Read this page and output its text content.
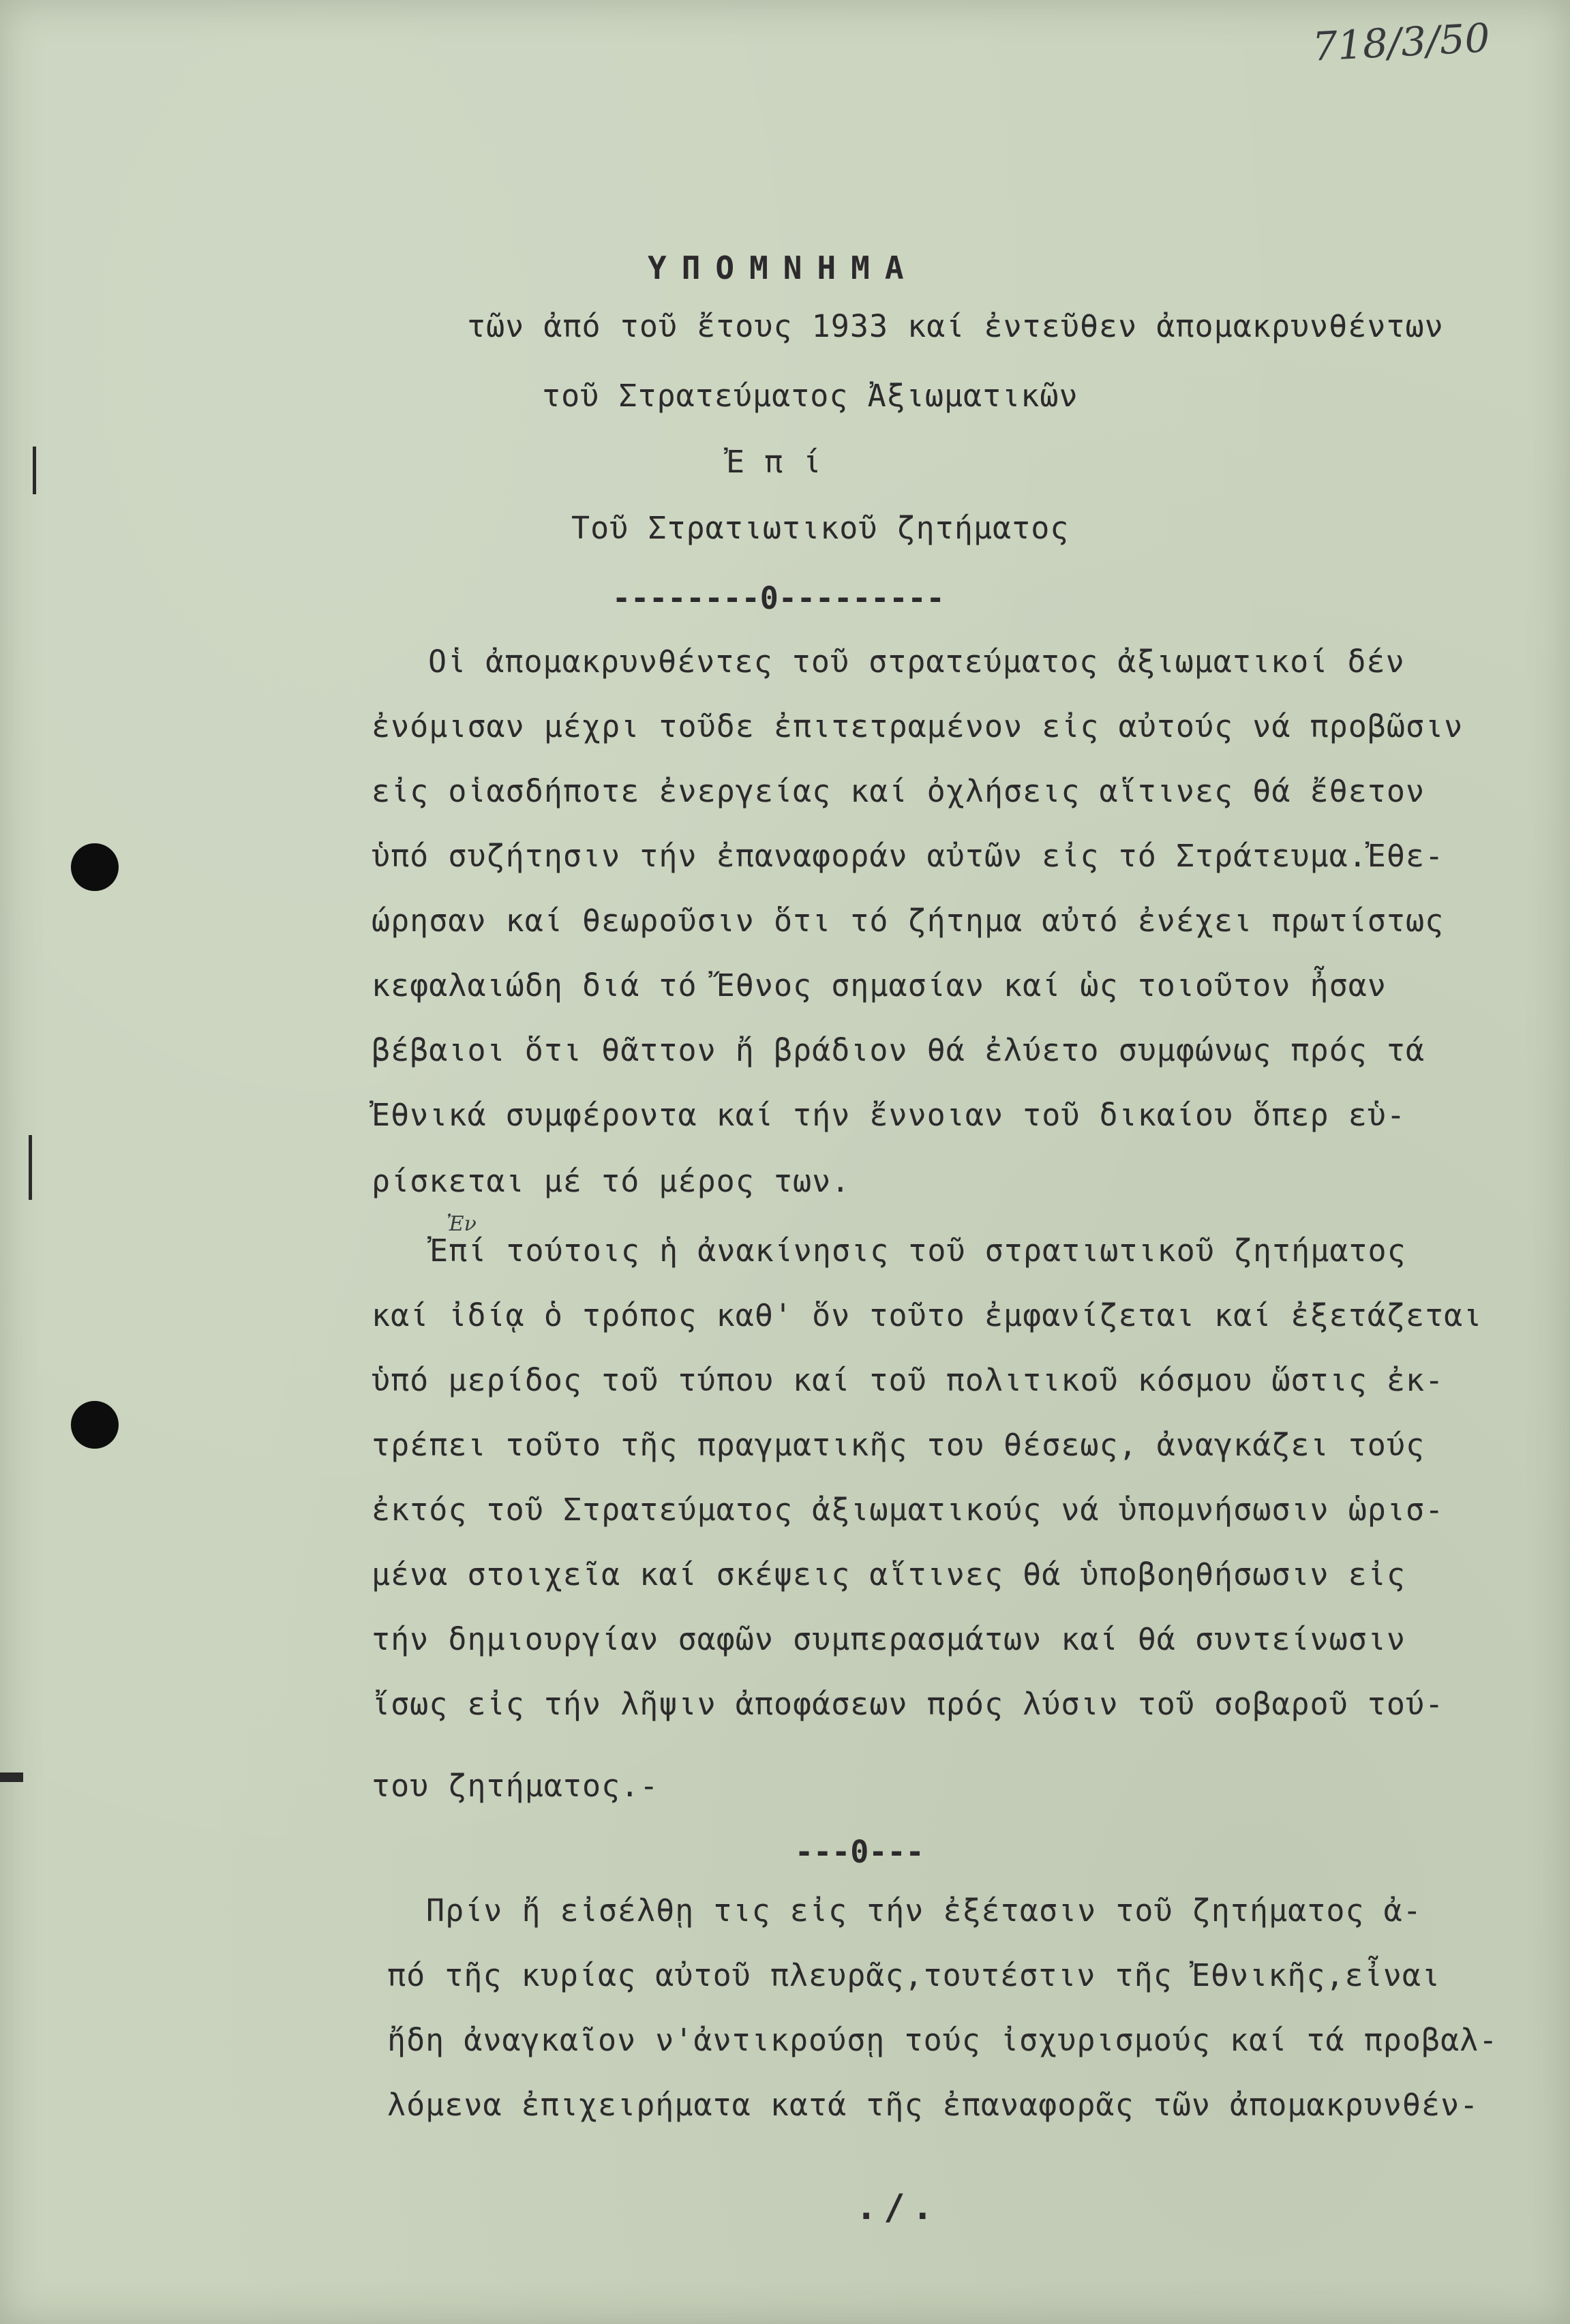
718/3/50
ΥΠΟΜΝΗΜΑ
τῶν ἀπό τοῦ ἔτους 1933 καί ἐντεῦθεν ἀπομακρυνθέντων
τοῦ Στρατεύματος Ἀξιωματικῶν
Ἐ π ί
Τοῦ Στρατιωτικοῦ ζητήματος
--------0---------
Οἱ ἀπομακρυνθέντες τοῦ στρατεύματος ἀξιωματικοί δέν
ἐνόμισαν μέχρι τοῦδε ἐπιτετραμένον εἰς αὐτούς νά προβῶσιν
εἰς οἱασδήποτε ἐνεργείας καί ὀχλήσεις αἵτινες θά ἔθετον
ὑπό συζήτησιν τήν ἐπαναφοράν αὐτῶν εἰς τό Στράτευμα.Ἐθε-
ώρησαν καί θεωροῦσιν ὅτι τό ζήτημα αὐτό ἐνέχει πρωτίστως
κεφαλαιώδη διά τό Ἔθνος σημασίαν καί ὡς τοιοῦτον ἦσαν
βέβαιοι ὅτι θᾶττον ἤ βράδιον θά ἐλύετο συμφώνως πρός τά
Ἐθνικά συμφέροντα καί τήν ἔννοιαν τοῦ δικαίου ὅπερ εὑ-
ρίσκεται μέ τό μέρος των.
Ἐν
Ἐπί τούτοις ἡ ἀνακίνησις τοῦ στρατιωτικοῦ ζητήματος
καί ἰδίᾳ ὁ τρόπος καθ' ὅν τοῦτο ἐμφανίζεται καί ἐξετάζεται
ὑπό μερίδος τοῦ τύπου καί τοῦ πολιτικοῦ κόσμου ὥστις ἐκ-
τρέπει τοῦτο τῆς πραγματικῆς του θέσεως, ἀναγκάζει τούς
ἐκτός τοῦ Στρατεύματος ἀξιωματικούς νά ὑπομνήσωσιν ὡρισ-
μένα στοιχεῖα καί σκέψεις αἵτινες θά ὑποβοηθήσωσιν εἰς
τήν δημιουργίαν σαφῶν συμπερασμάτων καί θά συντείνωσιν
ἴσως εἰς τήν λῆψιν ἀποφάσεων πρός λύσιν τοῦ σοβαροῦ τού-
του ζητήματος.-
---0---
Πρίν ἤ εἰσέλθῃ τις εἰς τήν ἐξέτασιν τοῦ ζητήματος ἀ-
πό τῆς κυρίας αὐτοῦ πλευρᾶς,τουτέστιν τῆς Ἐθνικῆς,εἶναι
ἤδη ἀναγκαῖον ν'ἀντικρούσῃ τούς ἰσχυρισμούς καί τά προβαλ-
λόμενα ἐπιχειρήματα κατά τῆς ἐπαναφορᾶς τῶν ἀπομακρυνθέν-
./.
